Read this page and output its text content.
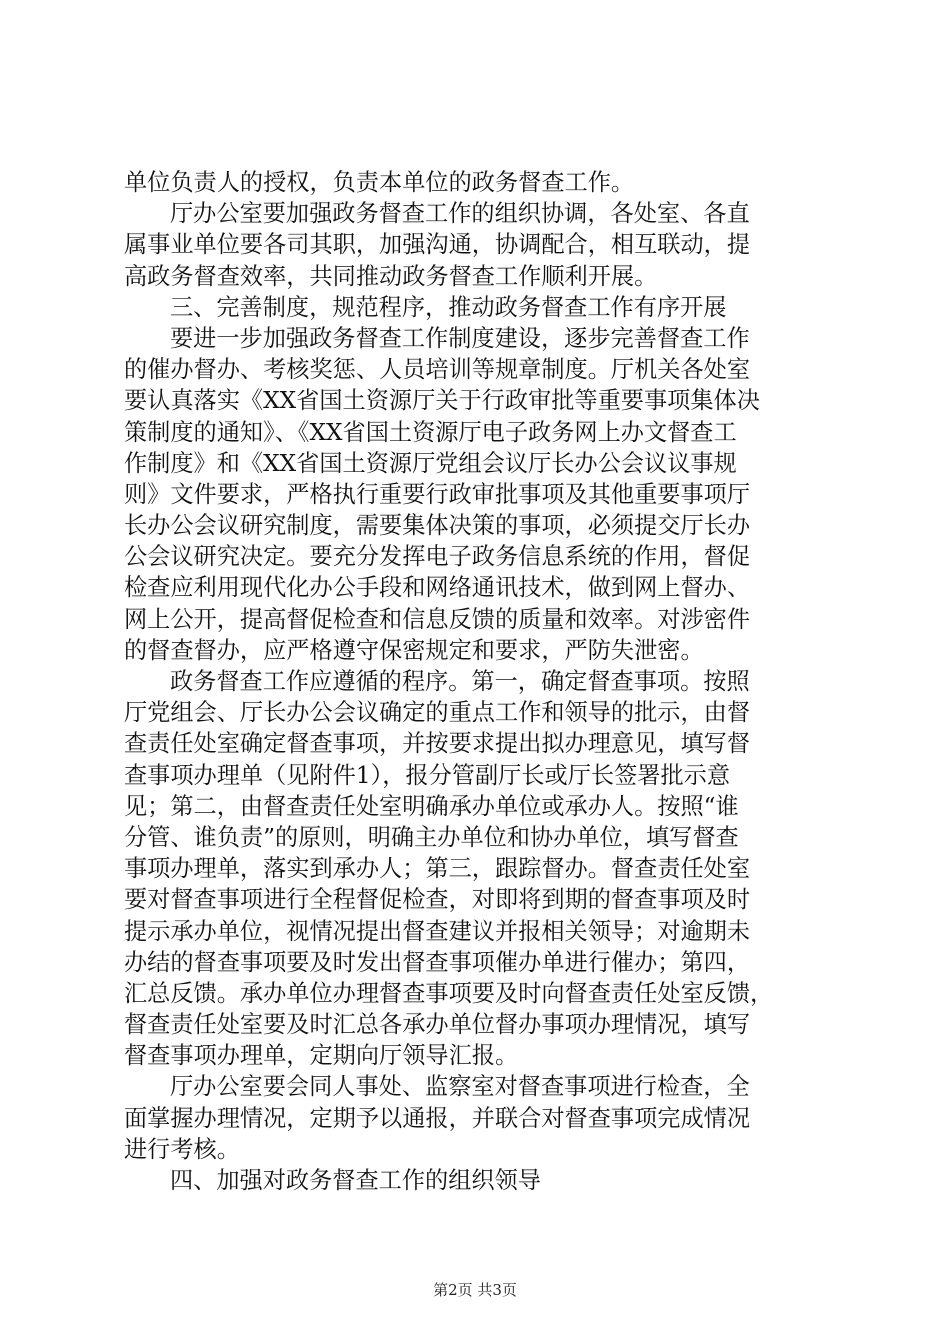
单位负责人的授权，负责本单位的政务督查工作。
厅办公室要加强政务督查工作的组织协调，各处室、各直
属事业单位要各司其职，加强沟通，协调配合，相互联动，提
高政务督查效率，共同推动政务督查工作顺利开展。
三、完善制度，规范程序，推动政务督查工作有序开展
要进一步加强政务督查工作制度建设，逐步完善督查工作
的催办督办、考核奖惩、人员培训等规章制度。厅机关各处室
要认真落实《XX省国土资源厅关于行政审批等重要事项集体决
策制度的通知》、《XX省国土资源厅电子政务网上办文督查工
作制度》和《XX省国土资源厅党组会议厅长办公会议议事规
则》文件要求，严格执行重要行政审批事项及其他重要事项厅
长办公会议研究制度，需要集体决策的事项，必须提交厅长办
公会议研究决定。要充分发挥电子政务信息系统的作用，督促
检查应利用现代化办公手段和网络通讯技术，做到网上督办、
网上公开，提高督促检查和信息反馈的质量和效率。对涉密件
的督查督办，应严格遵守保密规定和要求，严防失泄密。
政务督查工作应遵循的程序。第一，确定督查事项。按照
厅党组会、厅长办公会议确定的重点工作和领导的批示，由督
查责任处室确定督查事项，并按要求提出拟办理意见，填写督
查事项办理单（见附件1），报分管副厅长或厅长签署批示意
见；第二，由督查责任处室明确承办单位或承办人。按照“谁
分管、谁负责”的原则，明确主办单位和协办单位，填写督查
事项办理单，落实到承办人；第三，跟踪督办。督查责任处室
要对督查事项进行全程督促检查，对即将到期的督查事项及时
提示承办单位，视情况提出督查建议并报相关领导；对逾期未
办结的督查事项要及时发出督查事项催办单进行催办；第四，
汇总反馈。承办单位办理督查事项要及时向督查责任处室反馈，
督查责任处室要及时汇总各承办单位督办事项办理情况，填写
督查事项办理单，定期向厅领导汇报。
厅办公室要会同人事处、监察室对督查事项进行检查，全
面掌握办理情况，定期予以通报，并联合对督查事项完成情况
进行考核。
四、加强对政务督查工作的组织领导
第2页 共3页
